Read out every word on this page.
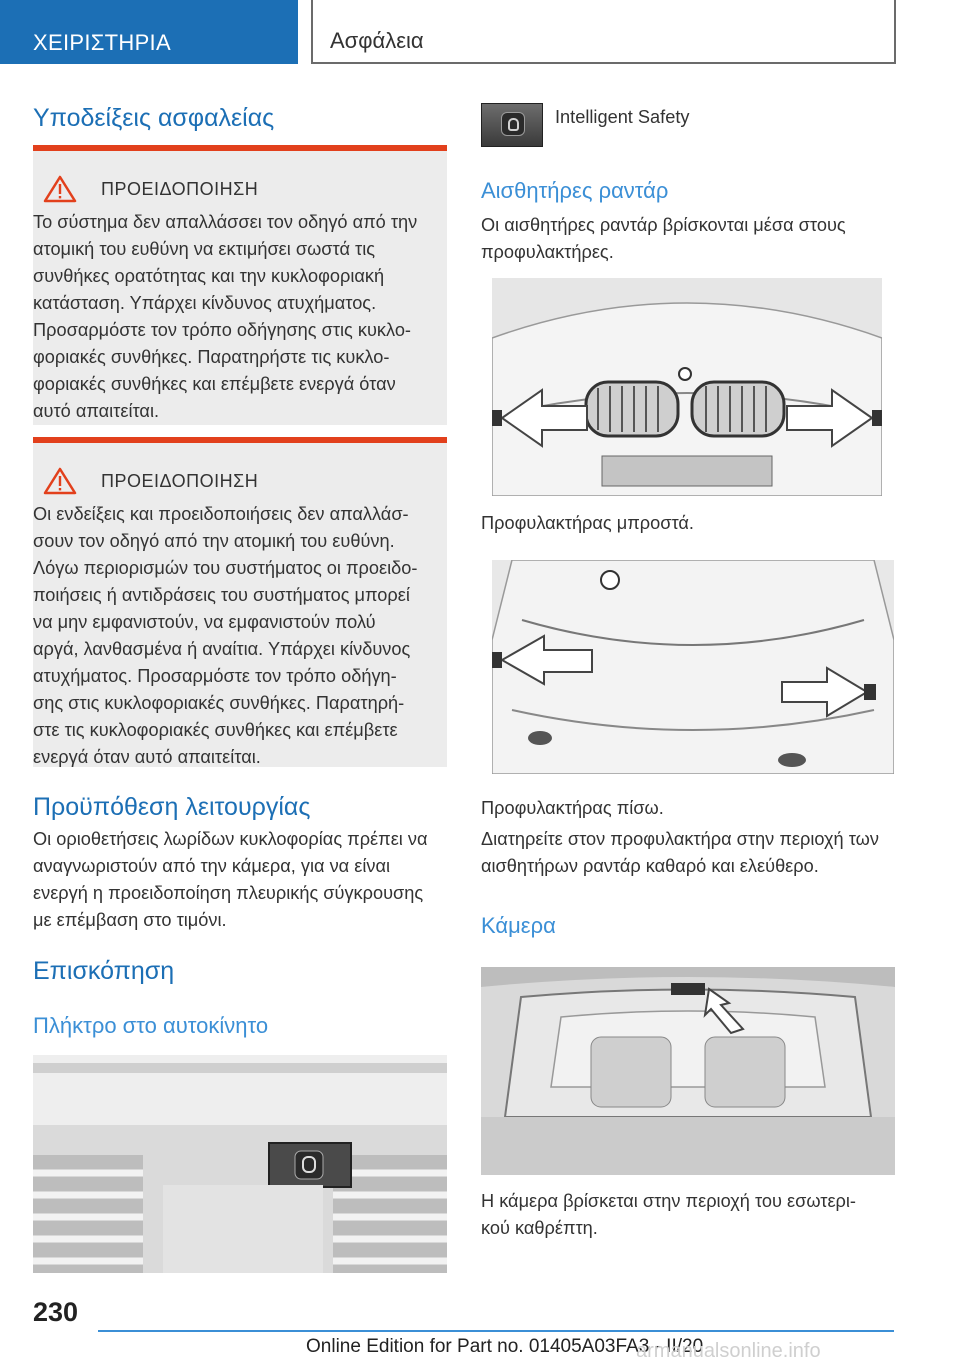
ΧΕΙΡΙΣΤΗΡΙΑ	Ασφάλεια
Υποδείξεις ασφαλείας
ΠΡΟΕΙΔΟΠΟΙΗΣΗ

Το σύστημα δεν απαλλάσσει τον οδηγό από την
ατομική του ευθύνη να εκτιμήσει σωστά τις
συνθήκες ορατότητας και την κυκλοφοριακή
κατάσταση. Υπάρχει κίνδυνος ατυχήματος.
Προσαρμόστε τον τρόπο οδήγησης στις κυκλο-
φοριακές συνθήκες. Παρατηρήστε τις κυκλο-
φοριακές συνθήκες και επέμβετε ενεργά όταν
αυτό απαιτείται.

ΠΡΟΕΙΔΟΠΟΙΗΣΗ

Οι ενδείξεις και προειδοποιήσεις δεν απαλλάσ-
σουν τον οδηγό από την ατομική του ευθύνη.
Λόγω περιορισμών του συστήματος οι προειδο-
ποιήσεις ή αντιδράσεις του συστήματος μπορεί
να μην εμφανιστούν, να εμφανιστούν πολύ
αργά, λανθασμένα ή αναίτια. Υπάρχει κίνδυνος
ατυχήματος. Προσαρμόστε τον τρόπο οδήγη-
σης στις κυκλοφοριακές συνθήκες. Παρατηρή-
στε τις κυκλοφοριακές συνθήκες και επέμβετε
ενεργά όταν αυτό απαιτείται.

Προϋπόθεση λειτουργίας
Οι οριοθετήσεις λωρίδων κυκλοφορίας πρέπει να
αναγνωριστούν από την κάμερα, για να είναι
ενεργή η προειδοποίηση πλευρικής σύγκρουσης
με επέμβαση στο τιμόνι.
Επισκόπηση
Πλήκτρο στο αυτοκίνητο
Intelligent Safety
Αισθητήρες ραντάρ
Οι αισθητήρες ραντάρ βρίσκονται μέσα στους
προφυλακτήρες.
Προφυλακτήρας μπροστά.
Προφυλακτήρας πίσω.
Διατηρείτε στον προφυλακτήρα στην περιοχή των
αισθητήρων ραντάρ καθαρό και ελεύθερο.
Κάμερα
Η κάμερα βρίσκεται στην περιοχή του εσωτερι-
κού καθρέπτη.
230
Online Edition for Part no. 01405A03FA3 - II/20
armanualsonline.info
